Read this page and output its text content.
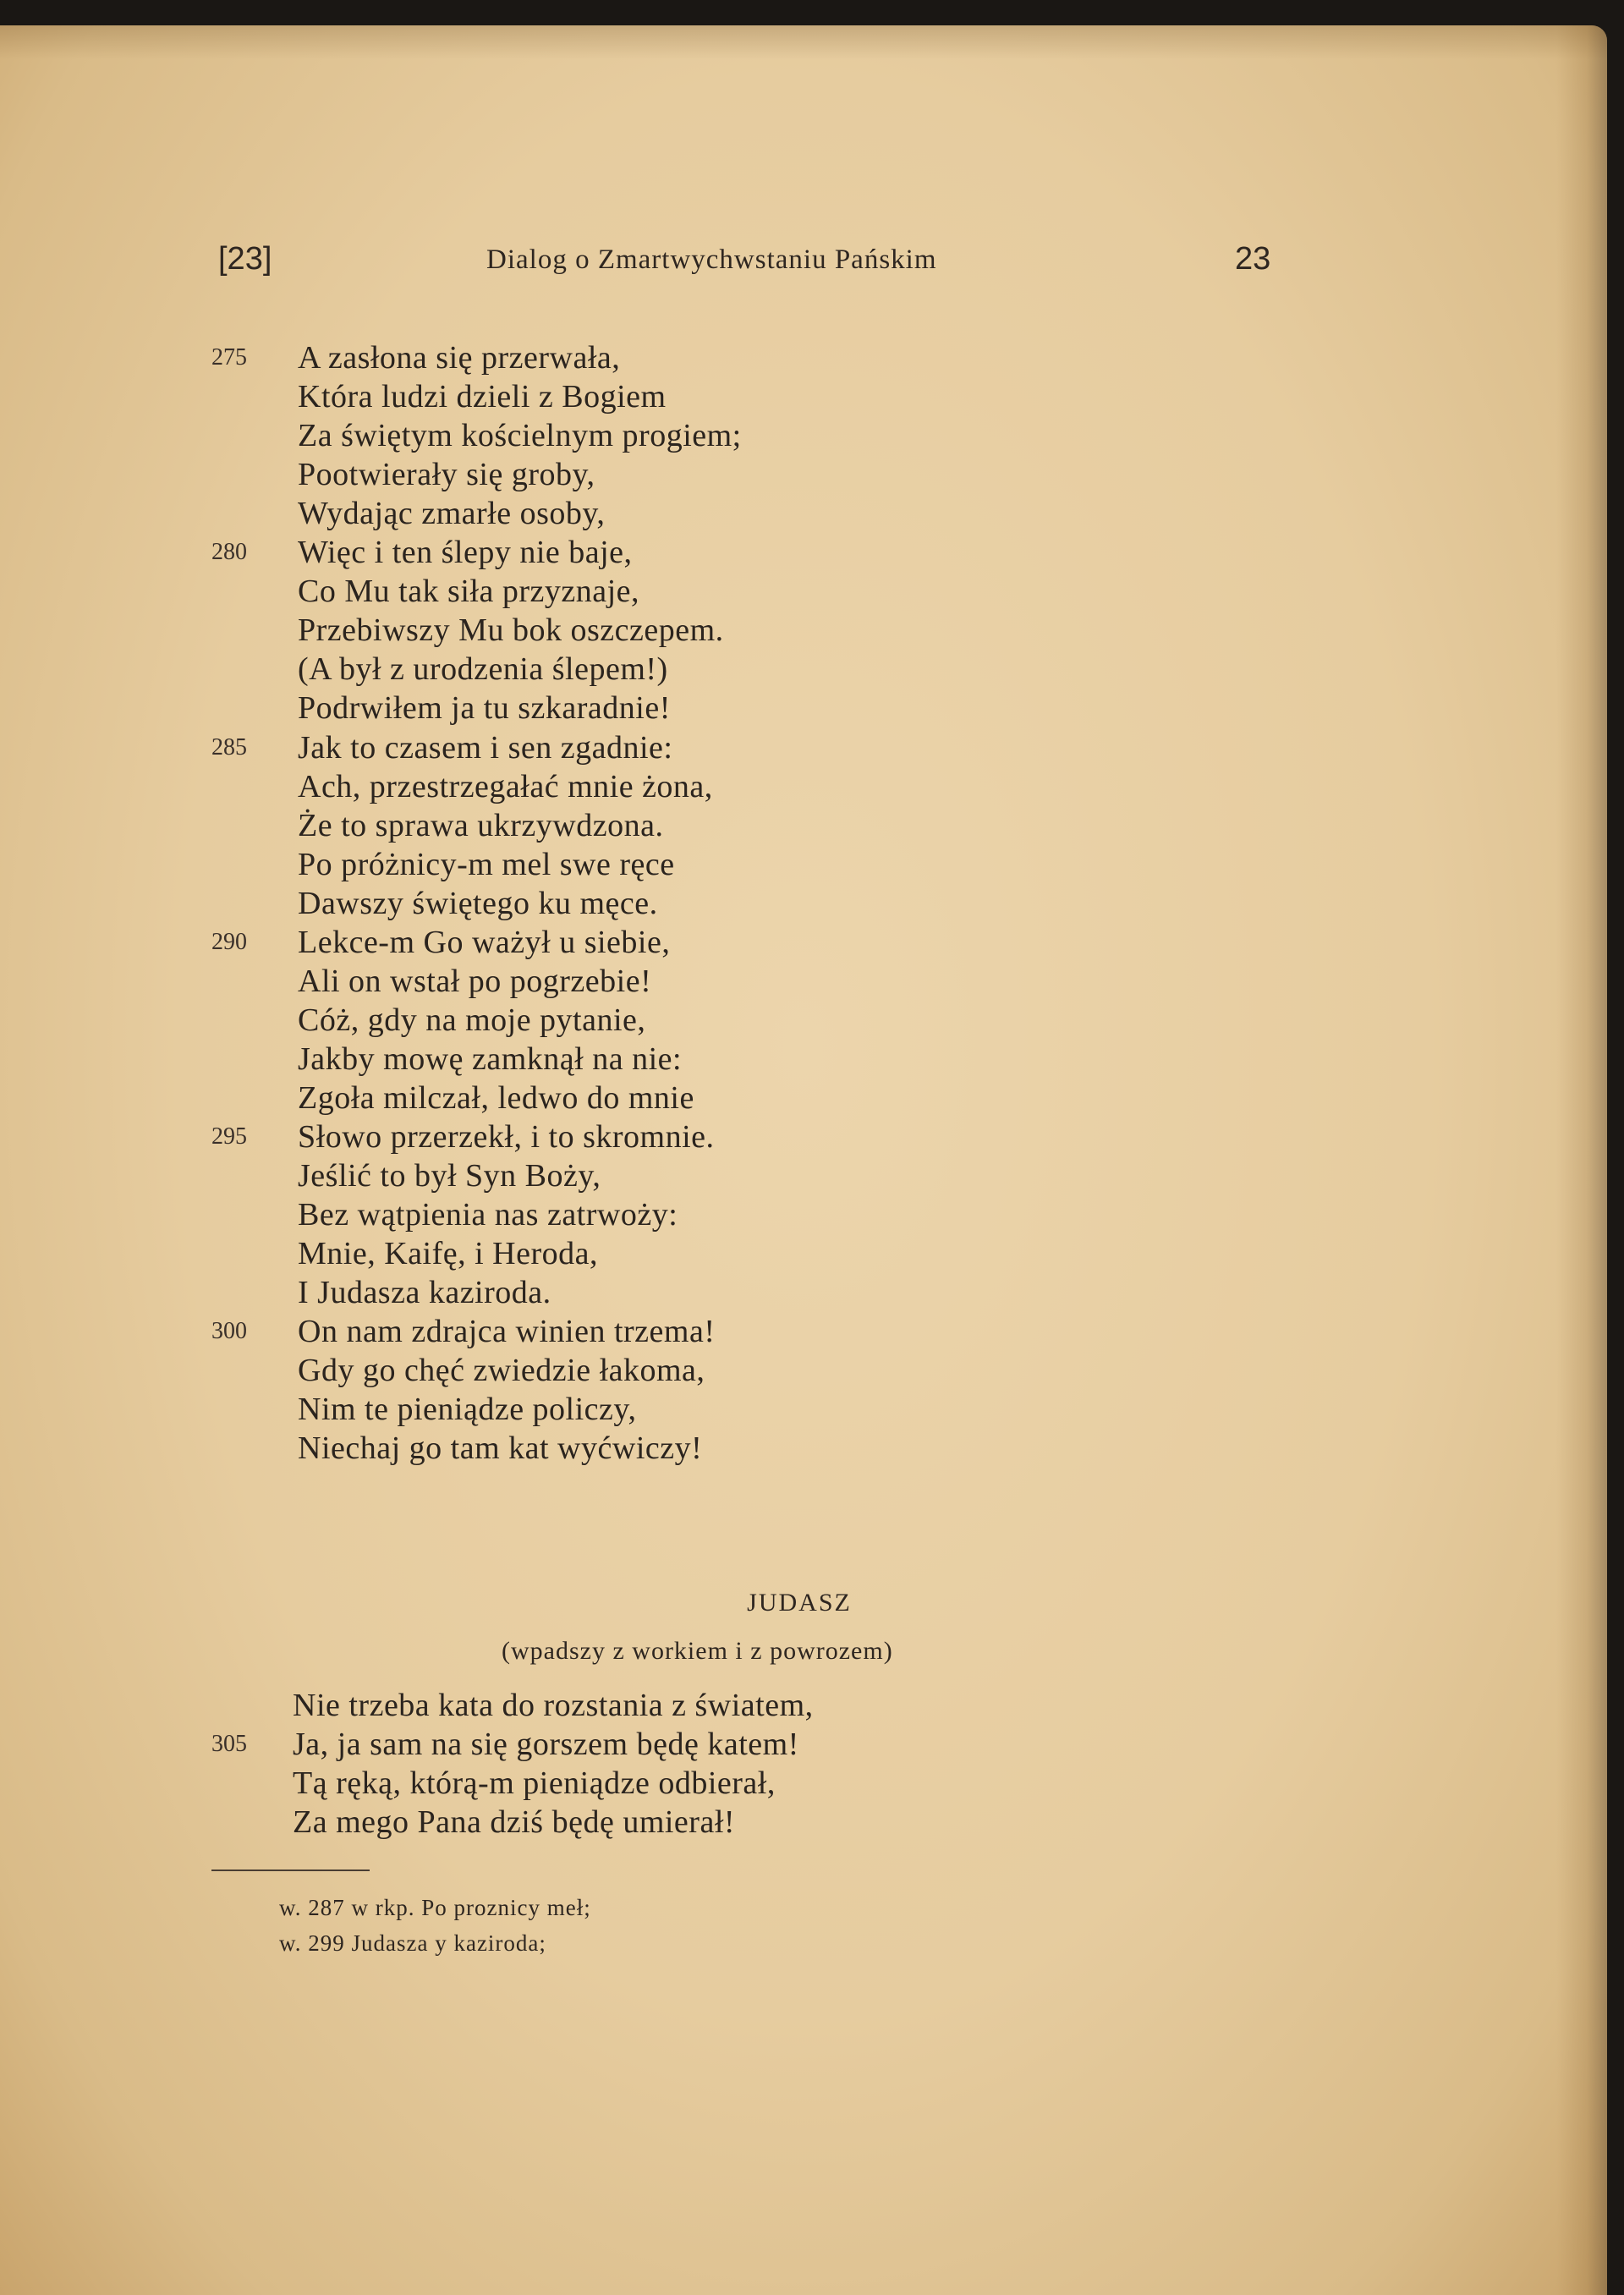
[23]	Dialog o Zmartwychwstaniu Pańskim	23
275 A zasłona się przerwała,
Która ludzi dzieli z Bogiem
Za świętym kościelnym progiem;
Pootwierały się groby,
Wydając zmarłe osoby,
280 Więc i ten ślepy nie baje,
Co Mu tak siła przyznaje,
Przebiwszy Mu bok oszczepem.
(A był z urodzenia ślepem!)
Podrwiłem ja tu szkaradnie!
285 Jak to czasem i sen zgadnie:
Ach, przestrzegałać mnie żona,
Że to sprawa ukrzywdzona.
Po próżnicy-m mel swe ręce
Dawszy świętego ku męce.
290 Lekce-m Go ważył u siebie,
Ali on wstał po pogrzebie!
Cóż, gdy na moje pytanie,
Jakby mowę zamknął na nie:
Zgoła milczał, ledwo do mnie
295 Słowo przerzekł, i to skromnie.
Jeślić to był Syn Boży,
Bez wątpienia nas zatrwoży:
Mnie, Kaifę, i Heroda,
I Judasza kaziroda.
300 On nam zdrajca winien trzema!
Gdy go chęć zwiedzie łakoma,
Nim te pieniądze policzy,
Niechaj go tam kat wyćwiczy!
JUDASZ
(wpadszy z workiem i z powrozem)
Nie trzeba kata do rozstania z światem,
305 Ja, ja sam na się gorszem będę katem!
Tą ręką, którą-m pieniądze odbierał,
Za mego Pana dziś będę umierał!
w. 287 w rkp. Po proznicy meł;
w. 299 Judasza y kaziroda;
